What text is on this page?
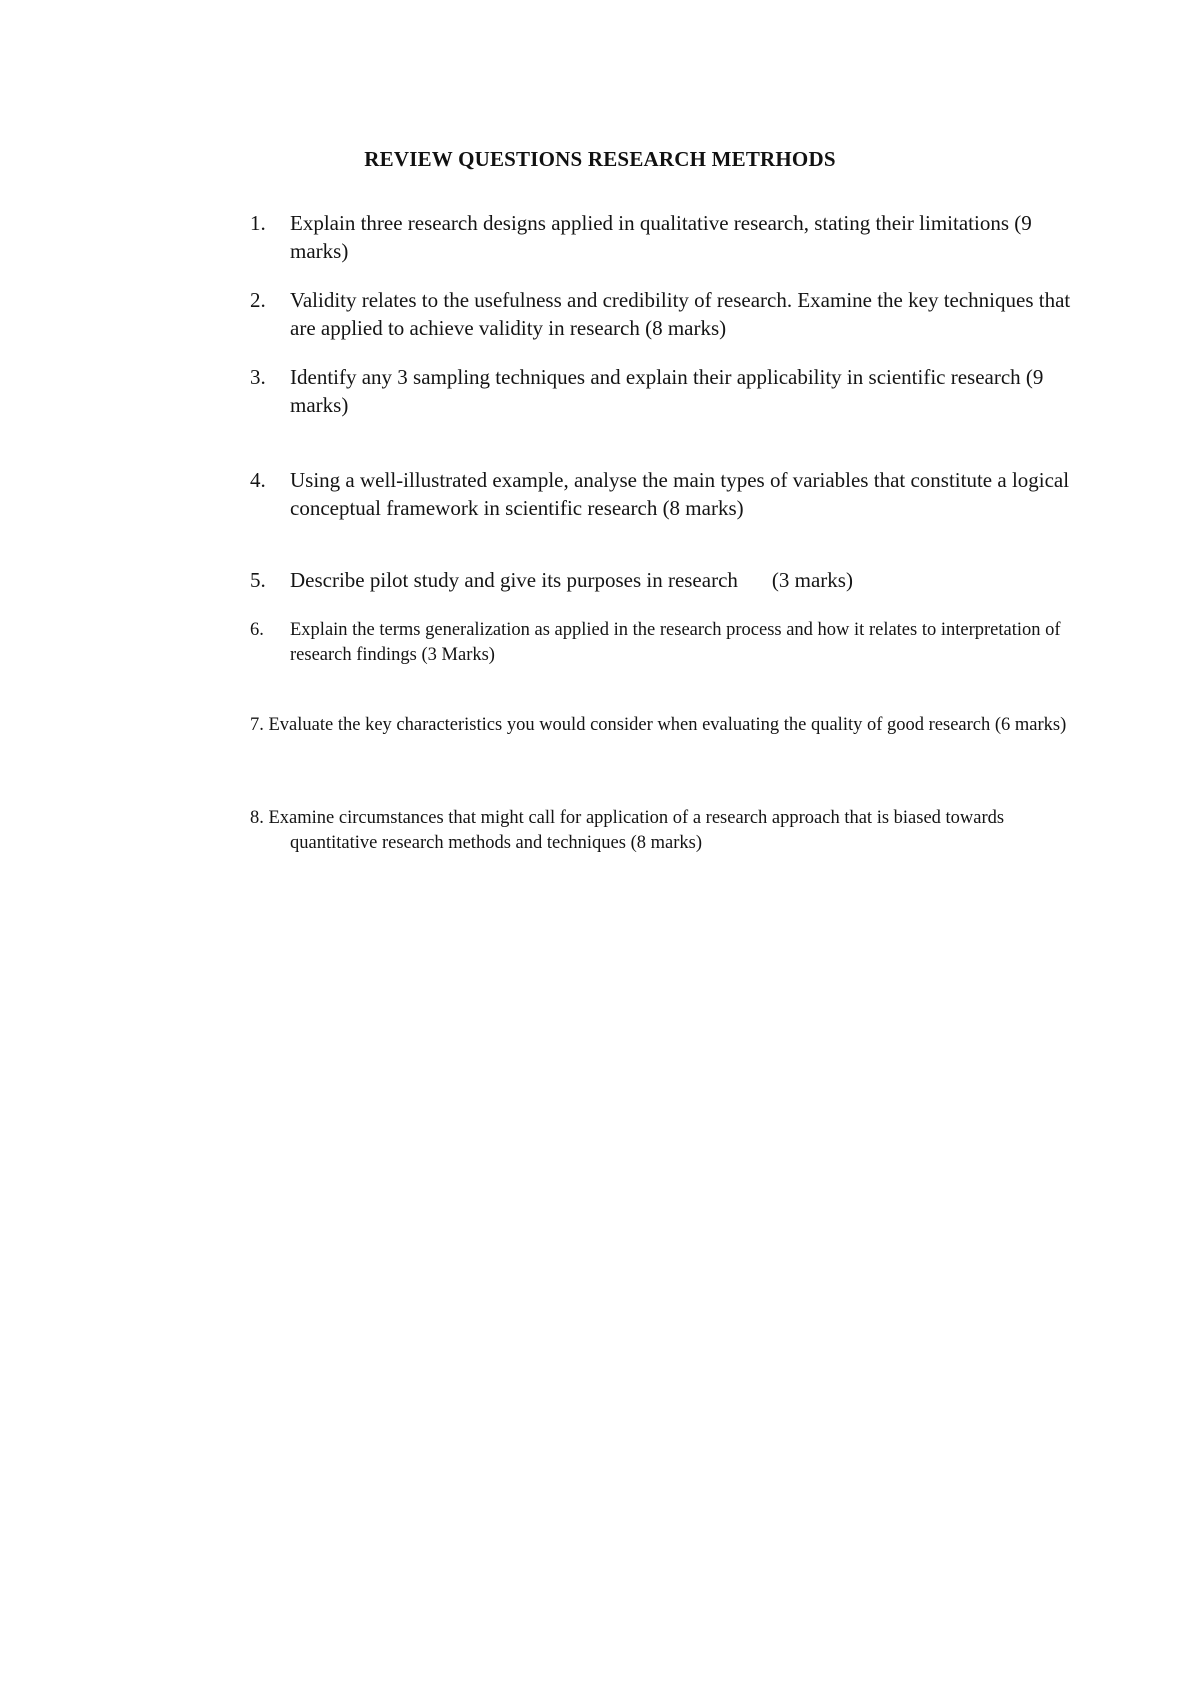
REVIEW QUESTIONS RESEARCH METRHODS
1.	Explain three research designs applied in qualitative research, stating their limitations (9 marks)
2.	Validity relates to the usefulness and credibility of research. Examine the key techniques that are applied to achieve validity in research (8 marks)
3.	Identify any 3 sampling techniques and explain their applicability in scientific research (9 marks)
4.	Using a well-illustrated example, analyse the main types of variables that constitute a logical conceptual framework in scientific research (8 marks)
5.	Describe pilot study and give its purposes in research (3 marks)
6.	Explain the terms generalization as applied in the research process and how it relates to interpretation of research findings (3 Marks)
7. Evaluate the key characteristics you would consider when evaluating the quality of good research (6 marks)
8. Examine circumstances that might call for application of a research approach that is biased towards quantitative research methods and techniques (8 marks)
